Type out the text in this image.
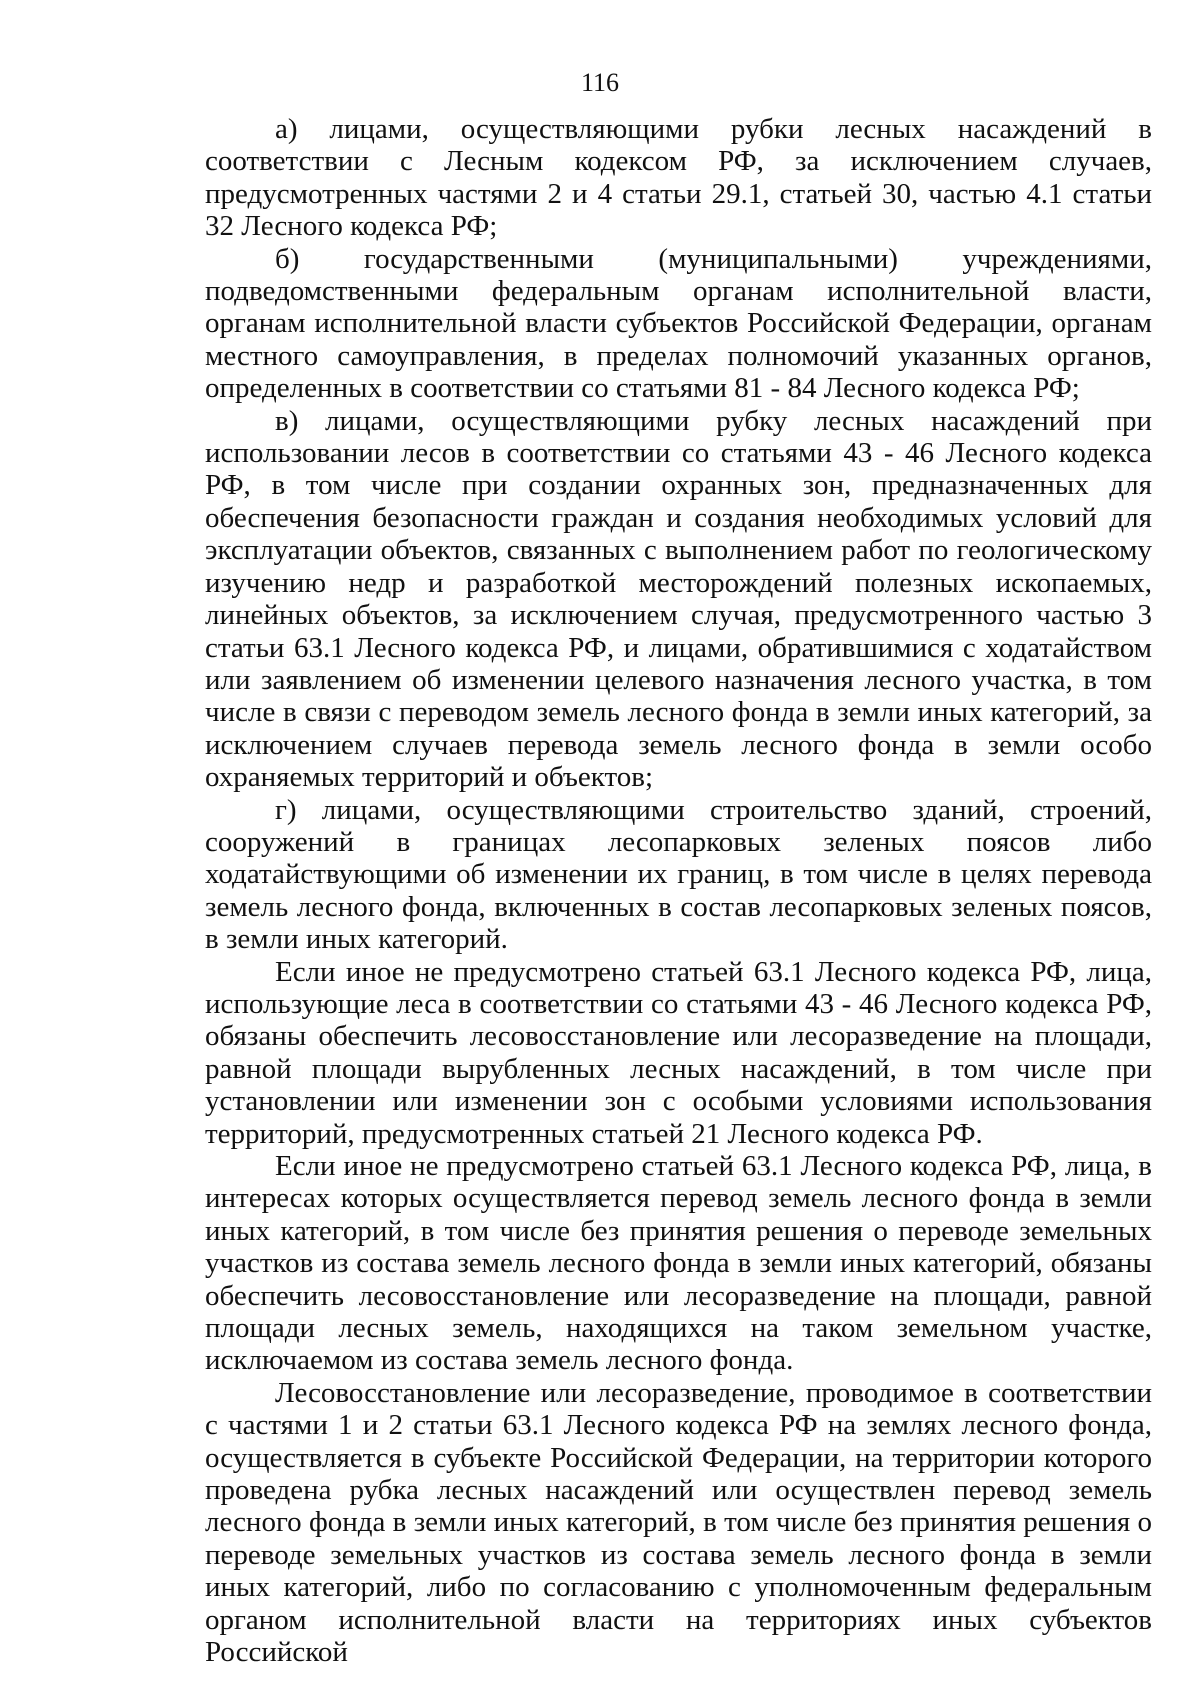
116

а) лицами, осуществляющими рубки лесных насаждений в соответствии с Лесным кодексом РФ, за исключением случаев, предусмотренных частями 2 и 4 статьи 29.1, статьей 30, частью 4.1 статьи 32 Лесного кодекса РФ;

б) государственными (муниципальными) учреждениями, подведомственными федеральным органам исполнительной власти, органам исполнительной власти субъектов Российской Федерации, органам местного самоуправления, в пределах полномочий указанных органов, определенных в соответствии со статьями 81 - 84 Лесного кодекса РФ;

в) лицами, осуществляющими рубку лесных насаждений при использовании лесов в соответствии со статьями 43 - 46 Лесного кодекса РФ, в том числе при создании охранных зон, предназначенных для обеспечения безопасности граждан и создания необходимых условий для эксплуатации объектов, связанных с выполнением работ по геологическому изучению недр и разработкой месторождений полезных ископаемых, линейных объектов, за исключением случая, предусмотренного частью 3 статьи 63.1 Лесного кодекса РФ, и лицами, обратившимися с ходатайством или заявлением об изменении целевого назначения лесного участка, в том числе в связи с переводом земель лесного фонда в земли иных категорий, за исключением случаев перевода земель лесного фонда в земли особо охраняемых территорий и объектов;

г) лицами, осуществляющими строительство зданий, строений, сооружений в границах лесопарковых зеленых поясов либо ходатайствующими об изменении их границ, в том числе в целях перевода земель лесного фонда, включенных в состав лесопарковых зеленых поясов, в земли иных категорий.

Если иное не предусмотрено статьей 63.1 Лесного кодекса РФ, лица, использующие леса в соответствии со статьями 43 - 46 Лесного кодекса РФ, обязаны обеспечить лесовосстановление или лесоразведение на площади, равной площади вырубленных лесных насаждений, в том числе при установлении или изменении зон с особыми условиями использования территорий, предусмотренных статьей 21 Лесного кодекса РФ.

Если иное не предусмотрено статьей 63.1 Лесного кодекса РФ, лица, в интересах которых осуществляется перевод земель лесного фонда в земли иных категорий, в том числе без принятия решения о переводе земельных участков из состава земель лесного фонда в земли иных категорий, обязаны обеспечить лесовосстановление или лесоразведение на площади, равной площади лесных земель, находящихся на таком земельном участке, исключаемом из состава земель лесного фонда.

Лесовосстановление или лесоразведение, проводимое в соответствии с частями 1 и 2 статьи 63.1 Лесного кодекса РФ на землях лесного фонда, осуществляется в субъекте Российской Федерации, на территории которого проведена рубка лесных насаждений или осуществлен перевод земель лесного фонда в земли иных категорий, в том числе без принятия решения о переводе земельных участков из состава земель лесного фонда в земли иных категорий, либо по согласованию с уполномоченным федеральным органом исполнительной власти на территориях иных субъектов Российской
